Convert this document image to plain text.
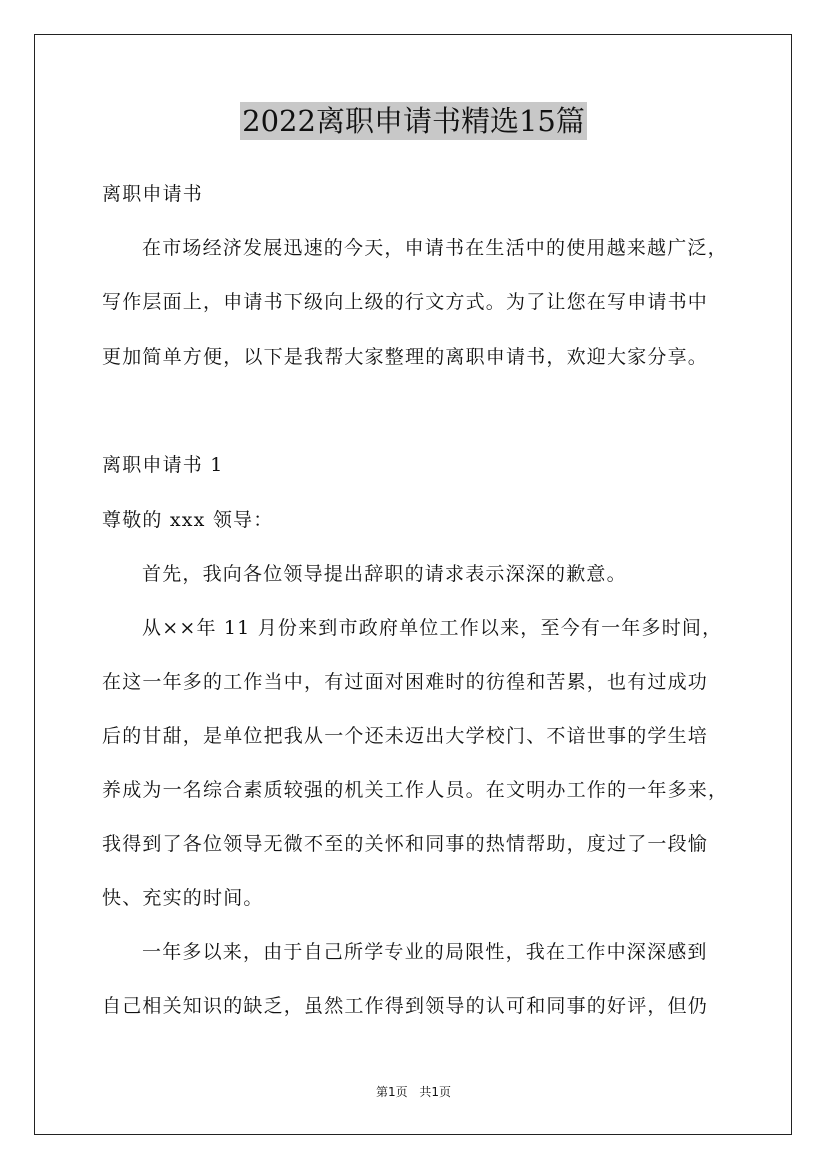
2022离职申请书精选15篇
离职申请书
在市场经济发展迅速的今天，申请书在生活中的使用越来越广泛，
写作层面上，申请书下级向上级的行文方式。为了让您在写申请书中
更加简单方便，以下是我帮大家整理的离职申请书，欢迎大家分享。
离职申请书 1
尊敬的 xxx 领导：
首先，我向各位领导提出辞职的请求表示深深的歉意。
从××年 11 月份来到市政府单位工作以来，至今有一年多时间，
在这一年多的工作当中，有过面对困难时的彷徨和苦累，也有过成功
后的甘甜，是单位把我从一个还未迈出大学校门、不谙世事的学生培
养成为一名综合素质较强的机关工作人员。在文明办工作的一年多来，
我得到了各位领导无微不至的关怀和同事的热情帮助，度过了一段愉
快、充实的时间。
一年多以来，由于自己所学专业的局限性，我在工作中深深感到
自己相关知识的缺乏，虽然工作得到领导的认可和同事的好评，但仍
第1页 共1页
